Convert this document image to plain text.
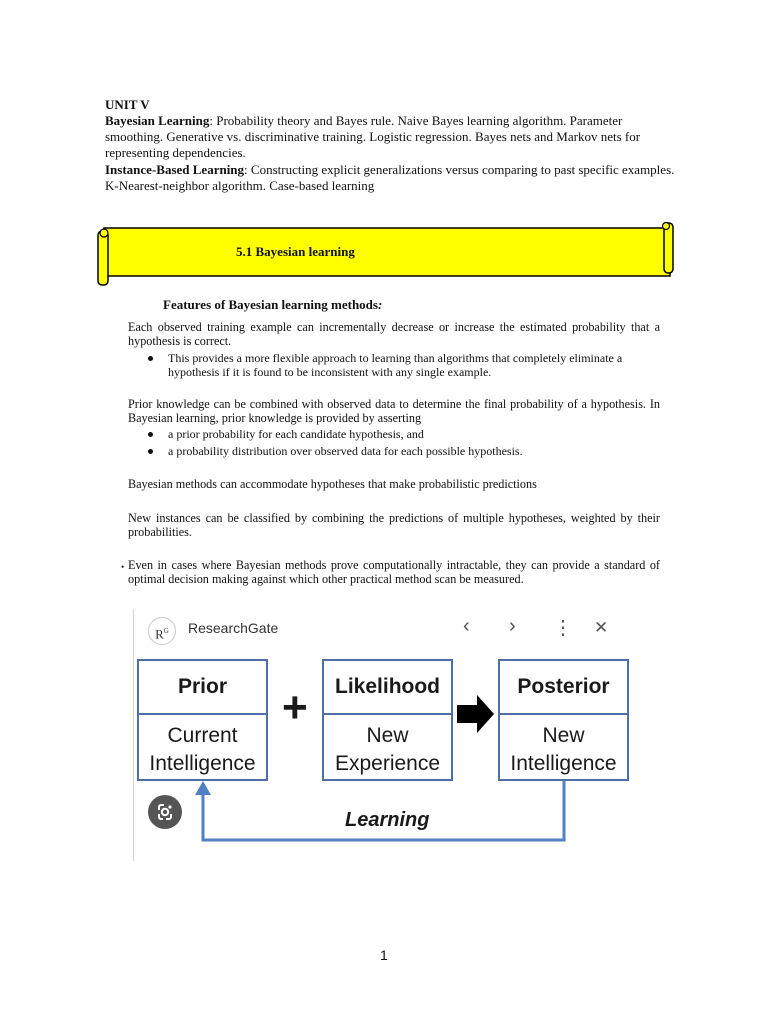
UNIT V

Bayesian Learning: Probability theory and Bayes rule. Naive Bayes learning algorithm. Parameter smoothing. Generative vs. discriminative training. Logistic regression. Bayes nets and Markov nets for representing dependencies.

Instance-Based Learning: Constructing explicit generalizations versus comparing to past specific examples. K-Nearest-neighbor algorithm. Case-based learning

5.1 Bayesian learning
Features of Bayesian learning methods:
Each observed training example can incrementally decrease or increase the estimated probability that a hypothesis is correct.
This provides a more flexible approach to learning than algorithms that completely eliminate a hypothesis if it is found to be inconsistent with any single example.
Prior knowledge can be combined with observed data to determine the final probability of a hypothesis. In Bayesian learning, prior knowledge is provided by asserting
a prior probability for each candidate hypothesis, and
a probability distribution over observed data for each possible hypothesis.
Bayesian methods can accommodate hypotheses that make probabilistic predictions
New instances can be classified by combining the predictions of multiple hypotheses, weighted by their probabilities.
• Even in cases where Bayesian methods prove computationally intractable, they can provide a standard of optimal decision making against which other practical method scan be measured.
$R^G$	ResearchGate	‹ › ⋮ ✕
Prior
Current
Intelligence
+	Likelihood
New
Experience
Posterior
New
Intelligence
Learning
1
